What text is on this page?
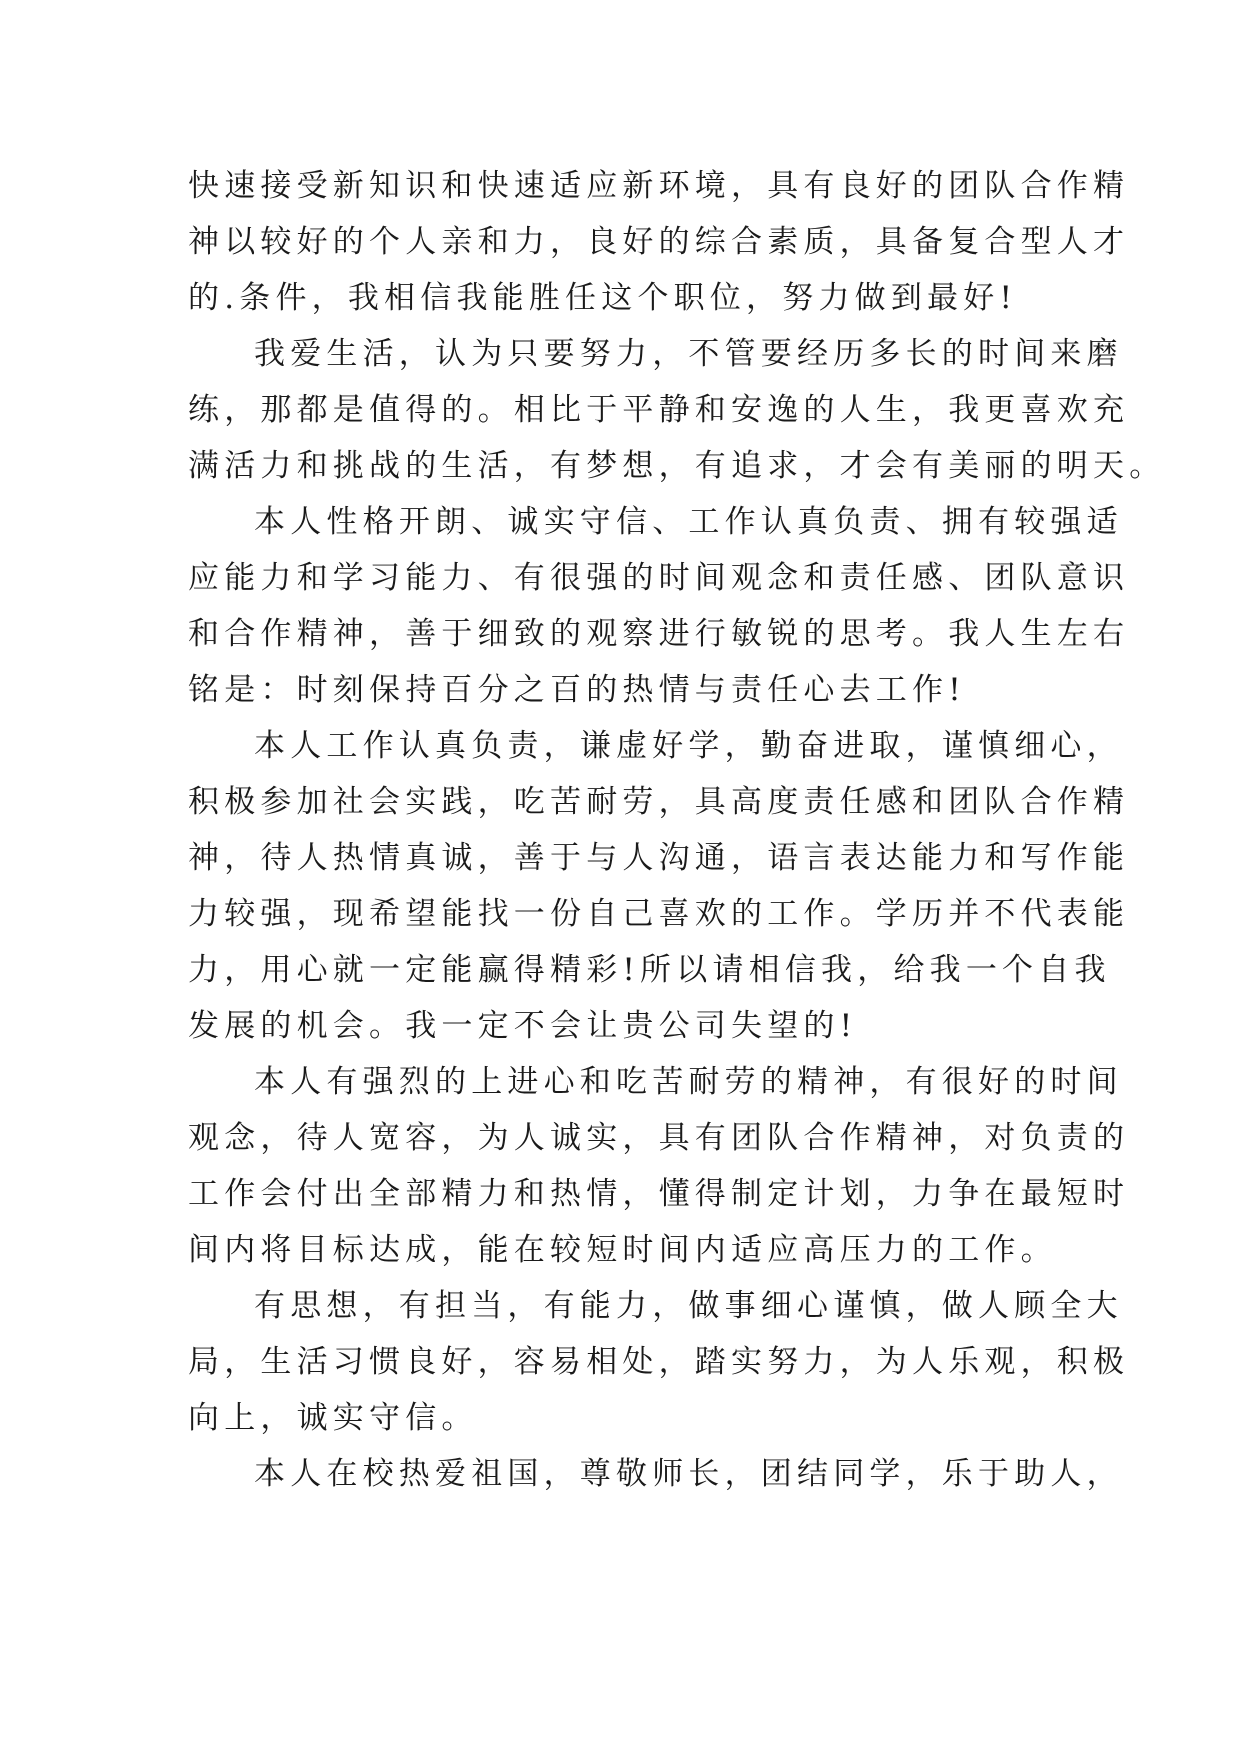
快速接受新知识和快速适应新环境，具有良好的团队合作精
神以较好的个人亲和力，良好的综合素质，具备复合型人才
的.条件，我相信我能胜任这个职位，努力做到最好!
我爱生活，认为只要努力，不管要经历多长的时间来磨
练，那都是值得的。相比于平静和安逸的人生，我更喜欢充
满活力和挑战的生活，有梦想，有追求，才会有美丽的明天。
本人性格开朗、诚实守信、工作认真负责、拥有较强适
应能力和学习能力、有很强的时间观念和责任感、团队意识
和合作精神，善于细致的观察进行敏锐的思考。我人生左右
铭是：时刻保持百分之百的热情与责任心去工作!
本人工作认真负责，谦虚好学，勤奋进取，谨慎细心，
积极参加社会实践，吃苦耐劳，具高度责任感和团队合作精
神，待人热情真诚，善于与人沟通，语言表达能力和写作能
力较强，现希望能找一份自己喜欢的工作。学历并不代表能
力，用心就一定能赢得精彩!所以请相信我，给我一个自我
发展的机会。我一定不会让贵公司失望的!
本人有强烈的上进心和吃苦耐劳的精神，有很好的时间
观念，待人宽容，为人诚实，具有团队合作精神，对负责的
工作会付出全部精力和热情，懂得制定计划，力争在最短时
间内将目标达成，能在较短时间内适应高压力的工作。
有思想，有担当，有能力，做事细心谨慎，做人顾全大
局，生活习惯良好，容易相处，踏实努力，为人乐观，积极
向上，诚实守信。
本人在校热爱祖国，尊敬师长，团结同学，乐于助人，
